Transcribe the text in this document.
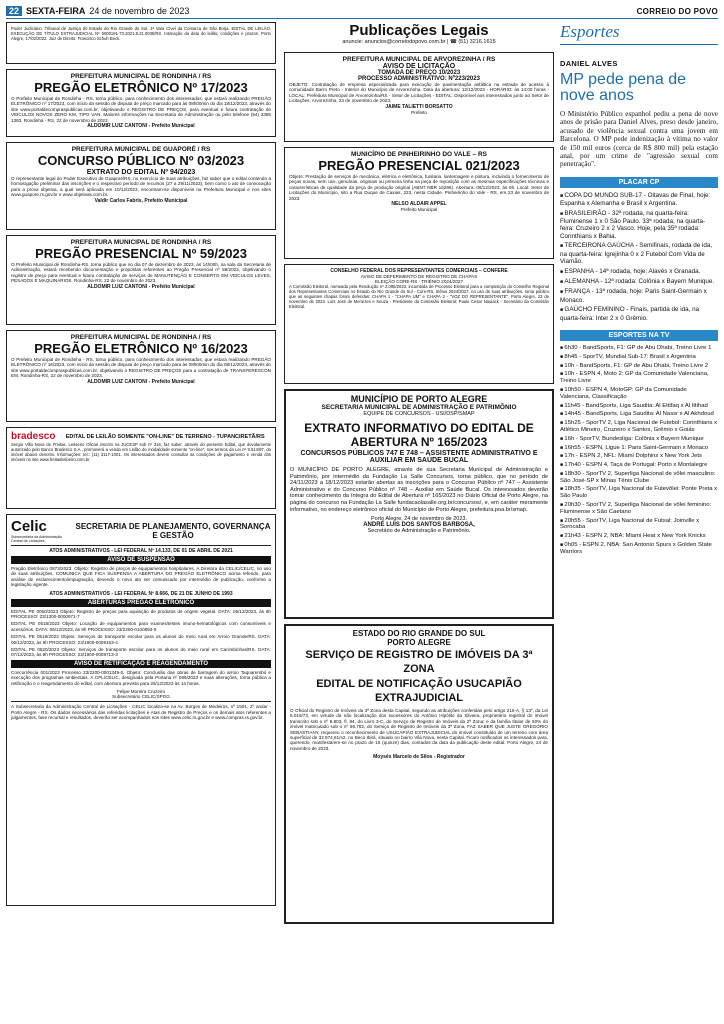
22 SEXTA-FEIRA 24 de novembro de 2023	CORREIO DO POVO
Poder Judiciário. Tribunal de Justiça do Estado do Rio Grande do Sul. 1ª Vara Cível da Comarca de São Borja. EDITAL DE LEILÃO. EXECUÇÃO DE TÍTULO EXTRAJUDICIAL Nº 5000191-73.2021.8.21.0035/RS. Intimação da data do leilão, condições e prazos. Porto Alegre, 17/02/2022. Juiz de Direito: Francisco Schuh Beck.
PREFEITURA MUNICIPAL DE RONDINHA / RS
PREGÃO ELETRÔNICO Nº 17/2023
O Prefeito Municipal de Rondinha - RS, torna público, para conhecimento dos interessados, que estará realizando PREGÃO ELETRÔNICO nº 17/2023, com início da sessão de disputa de preço marcado para às 08h00min do dia 18/12/2023, através do site www.portaldecompraspublicas.com.br, objetivando o REGISTRO DE PREÇOS, para eventual e futura contratação de VEÍCULOS NOVOS ZERO KM, TIPO VAN. Maiores informações na Secretaria de Administração ou pelo telefone (54) 3385 1383. Rondinha - RS, 22 de novembro de 2023.
ALDOMIR LUIZ CANTONI - Prefeito Municipal
PREFEITURA MUNICIPAL DE GUAPORÉ / RS
CONCURSO PÚBLICO Nº 03/2023
EXTRATO DO EDITAL Nº 94/2023
O representante legal do Poder Executivo de Guaporé/RS, no exercício de suas atribuições, faz saber que o edital contendo a homologação preliminar das inscrições e o respectivo período de recursos (27 a 29/11/2023), bem como o ato de convocação para a prova objetiva, a qual será aplicada em 10/12/2023, encontram-se disponíveis na Prefeitura Municipal e nos sites www.guapore.rs.gov.br e www.objetivas.com.br.
Valdir Carlos Fabris, Prefeito Municipal
PREFEITURA MUNICIPAL DE RONDINHA / RS
PREGÃO PRESENCIAL Nº 59/2023
O Prefeito Municipal de Rondinha-RS, torna público que no dia 07 de dezembro de 2023, às 14h00h, na sala da Secretaria de Administração, estará recebendo documentação e propostas referentes ao Pregão Presencial nº 59/2023, objetivando o registro de preço para eventual e futura contratação de serviços de MANUTENÇÃO E CONSERTO EM VEÍCULOS LEVES, PESADOS E MAQUINÁRIOS. Rondinha-RS, 22 de novembro de 2023.
ALDOMIR LUIZ CANTONI - Prefeito Municipal
PREFEITURA MUNICIPAL DE RONDINHA / RS
PREGÃO ELETRÔNICO Nº 16/2023
O Prefeito Municipal de Rondinha - RS, torna público, para conhecimento dos interessados, que estará realizando PREGÃO ELETRÔNICO nº 16/2023, com início da sessão de disputa de preço marcado para às 08h00min do dia 08/12/2023, através do site www.portaldecompraspublicas.com.br, objetivando o REGISTRO DE PREÇOS para a contratação de TRANSFERESCON EM. Rondinha-RS, 22 de novembro de 2023.
ALDOMIR LUIZ CANTONI - Prefeito Municipal
bradesco	EDITAL DE LEILÃO SOMENTE "ON-LINE" DE TERRENO - TUPANCIRETÃ/RS
Sergio Villa Nova de Freitas, Leiloeiro Oficial inscrito na JUCESP sob nº 316, faz saber, através do presente Edital, que devidamente autorizado pelo Banco Bradesco S.A., promoverá a venda em Leilão de modalidade somente "on-line", nos termos da Lei nº 9.514/97, do imóvel abaixo descrito. Informações: tel.: (11) 3117-1001. Os interessados devem consultar as condições de pagamento e venda dos imóveis no site www.freitasleiloeiro.com.br.
Celic
Subsecretaria da Administração Central de Licitações
SECRETARIA DE PLANEJAMENTO, GOVERNANÇA E GESTÃO
ATOS ADMINISTRATIVOS - LEI FEDERAL Nº 14.133, DE 01 DE ABRIL DE 2021
AVISO DE SUSPENSÃO
Pregão Eletrônico 0873/2023. Objeto: Registro de preços de equipamentos hospitalares. A Diretora da CELIC/CELIC, no uso de suas atribuições, COMUNICA QUE FICA SUSPENSA A ABERTURA DO PREGÃO ELETRÔNICO acima referido, para análise de esclarecimento/impugnação, devendo o novo ato ser comunicado por intermédio de publicação, conforme a legislação vigente.
ATOS ADMINISTRATIVOS - LEI FEDERAL Nº 8.666, DE 21 DE JUNHO DE 1993
ABERTURAS PREGÃO ELETRÔNICO
EDITAL PE 0050/2023 Objeto: Registro de preços para aquisição de produtos de origem vegetal. DATA: 05/12/2023, às 9h PROCESSO: 23/1300-0000971-7
EDITAL PE 0518/2023 Objeto: Locação de equipamentos para exames/testes imuno-hematológicos com consumíveis e acessórios. DATA: 06/12/2023, às 9h PROCESSO: 23/2200-0100893-5
EDITAL PE 0519/2023 Objeto: Serviços de transporte escolar para os alunos do meio rural em Arroio Grande/RS. DATA: 06/12/2023, às 9h PROCESSO: 23/1900-0009153-4
EDITAL PE 0520/2023 Objeto: Serviços de transporte escolar para os alunos do meio rural em Cacimbinhas/RS. DATA: 07/12/2023, às 9h PROCESSO: 23/1900-0009713-3
AVISO DE RETIFICAÇÃO E REAGENDAMENTO
Concorrência 001/2023 Processo 23/2200-0001349-0. Objeto: Conclusão das obras de barragem do arroio Taquarembó e execução dos programas ambientais. A CPL/CELIC, designada pela Portaria nº 069/2023 e suas alterações, torna pública a retificação e o reagendamento do edital, com abertura prevista para 26/12/2023 às 14 horas.
Felipe Moreira Cruzeiro
Subsecretário CELIC/SPGG
A Subsecretaria da Administração Central de Licitações - CELIC localiza-se na Av. Borges de Medeiros, nº 1501, 2º andar - Porto Alegre - RS. Os dados necessários das referidas licitações e Atas de Registro de Preços e os demais atos referentes a julgamentos, fase recursal e resultados, deverão ser acompanhados nos sites www.celic.rs.gov.br e www.compras.rs.gov.br.
Publicações Legais
anuncie: anuncios@correiodopovo.com.br | ☎ (51) 3216.1615
PREFEITURA MUNICIPAL DE ARVOREZINHA / RS
AVISO DE LICITAÇÃO
TOMADA DE PREÇO 10/2023
PROCESSO ADMINISTRATIVO: Nº223/2023
OBJETO: Contratação de empresa especializada para execução de pavimentação asfáltica na estrada de acesso à comunidade Barro Preto - Interior do Município de Arvorezinha. Data da abertura: 12/12/2023 - HORÁRIO: às 14:00 horas - LOCAL: Prefeitura Municipal de Arvorezinha/RS - Setor de Licitações - EDITAL: Disponível aos interessados junto ao Setor de Licitações. Arvorezinha, 23 de novembro de 2023.
JAIME TALIETTI BORSATTO
Prefeito
MUNICÍPIO DE PINHEIRINHO DO VALE – RS
PREGÃO PRESENCIAL 021/2023
Objeto: Prestação de serviços de mecânica, elétrica e eletrônica, funilaria, lanternagem e pintura, incluindo o fornecimento de peças novas, sem uso, genuínas, originais ou primeira linha na peça de reposição com as mesmas especificações técnicas e características de qualidade da peça de produção original (ABNT NBR 15296). Abertura: 06/12/2023, às 9h. Local: Setor de Licitações do Município, sito a Rua Duque de Caxias, 223, nesta Cidade. Pinheirinho do Vale - RS, em 23 de novembro de 2023.
NELSO ALDAIR APPEL
Prefeito Municipal
CONSELHO FEDERAL DOS REPRESENTANTES COMERCIAIS – CONFERE
AVISO DE DEFERIMENTO DE REGISTRO DE CHAPAS
ELEIÇÃO CORE-RS - TRIÊNIO 2024/2027
A Comissão Eleitoral, nomeada pela Resolução nº 2.096/2023, incumbida de Processo Eleitoral para a composição do Conselho Regional dos Representantes Comerciais no Estado do Rio Grande do Sul - Core-RS, triênio 2024/2027, no uso de suas atribuições, torna público que as seguintes chapas foram deferidas: CHAPA 1 - "CHAPA UM" e CHAPA 2 - "VOZ DO REPRESENTANTE". Porto Alegre, 23 de novembro de 2023. Luís José de Menezes e Souza - Presidente da Comissão Eleitoral; Paulo Cesar Nauiack - Secretário da Comissão Eleitoral.
MUNICÍPIO DE PORTO ALEGRE
SECRETARIA MUNICIPAL DE ADMINISTRAÇÃO E PATRIMÔNIO
EQUIPE DE CONCURSOS - USI/DSP/SMAP
EXTRATO INFORMATIVO DO EDITAL DE ABERTURA Nº 165/2023
CONCURSOS PÚBLICOS 747 E 748 – ASSISTENTE ADMINISTRATIVO E AUXILIAR EM SAÚDE BUCAL
O MUNICÍPIO DE PORTO ALEGRE, através de sua Secretaria Municipal de Administração e Patrimônio, por intermédio da Fundação La Salle Concursos, torna público, que no período de 24/11/2023 a 18/12/2023 estarão abertas as inscrições para o Concurso Público nº 747 – Assistente Administrativo e do Concurso Público nº 748 – Auxiliar em Saúde Bucal. Os interessados deverão tomar conhecimento da íntegra do Edital de Abertura nº 165/2023 no Diário Oficial de Porto Alegre, na página do concurso na Fundação La Salle fundacaolasalle.org.br/concursos/, e, em caráter meramente informativo, no endereço eletrônico oficial do Município de Porto Alegre, prefeitura.poa.br/smap.
Porto Alegre, 24 de novembro de 2023.
ANDRÉ LUIS DOS SANTOS BARBOSA,
Secretário de Administração e Patrimônio.
ESTADO DO RIO GRANDE DO SUL
PORTO ALEGRE
SERVIÇO DE REGISTRO DE IMÓVEIS DA 3ª ZONA
EDITAL DE NOTIFICAÇÃO USUCAPIÃO EXTRAJUDICIAL
O Oficial do Registro de Imóveis da 3ª Zona desta Capital, segundo as atribuições conferidas pelo artigo 216-A, § 13º, da Lei 6.015/73, em virtude da não localização dos sucessores do Antônio Hipólito da Silveira, proprietário registral do imóvel transcrito sob o nº 8.803, fl. 84, do Livro 3-C, do Serviço de Registro de Imóveis da 2ª Zona; e da família titular de 50% do imóvel matriculado sob o nº 56.782, do Serviço de Registro de Imóveis da 3ª Zona, FAZ SABER QUE JUSTE GREGÓRIO SEBASTIANY, requereu o reconhecimento de USUCAPIÃO EXTRAJUDICIAL do imóvel constituído de um terreno com área superficial de 32.974,61m2, no Beco Ibirá, situado no bairro Vila Nova, nesta Capital. Ficam notificados os interessados para, querendo, manifestarem-se no prazo de 15 (quinze) dias, contados da data da publicação deste edital. Porto Alegre, 24 de novembro de 2023.
Moysés Marcelo de Silos - Registrador
Esportes
DANIEL ALVES
MP pede pena de nove anos
O Ministério Público espanhol pediu a pena de nove anos de prisão para Daniel Alves, preso desde janeiro, acusado de violência sexual contra uma jovem em Barcelona. O MP pede indenização à vítima no valor de 150 mil euros (cerca de R$ 800 mil) pela estação anal, por um crime de "agressão sexual com penetração".
PLACAR CP
■ COPA DO MUNDO SUB-17 - Oitavas de Final, hoje: Espanha x Alemanha e Brasil x Argentina.
■ BRASILEIRÃO - 32ª rodada, na quarta-feira: Fluminense 1 x 0 São Paulo. 33ª rodada, na quarta-feira: Cruzeiro 2 x 2 Vasco. Hoje, pela 35ª rodada: Corinthians x Bahia.
■ TERCEIRONA GAÚCHA - Semifinais, rodada de ida, na quarta-feira: Igrejinha 0 x 2 Futebol Com Vida de Viamão.
■ ESPANHA - 14ª rodada, hoje: Alavés x Granada.
■ ALEMANHA - 12ª rodada: Colônia x Bayern Munique.
■ FRANÇA - 13ª rodada, hoje: Paris Saint-Germain x Monaco.
■ GAÚCHO FEMININO - Finais, partida de ida, na quarta-feira: Inter 2 x 0 Grêmio.
ESPORTES NA TV
■ 6h30 - BandSports, F1: GP de Abu Dhabi, Treino Livre 1
■ 8h45 - SporTV, Mundial Sub-17: Brasil x Argentina
■ 10h - BandSports, F1: GP de Abu Dhabi, Treino Livre 2
■ 10h - ESPN 4, Moto 2: GP da Comunidade Valenciana, Treino Livre
■ 10h50 - ESPN 4, MotoGP: GP da Comunidade Valenciana, Classificação
■ 11h45 - BandSports, Liga Saudita: Al Ettifaq x Al Ittihad
■ 14h45 - BandSports, Liga Saudita: Al Nassr x Al Akhdoud
■ 15h25 - SporTV 2, Liga Nacional de Futebol: Corinthians x Atlético Mineiro, Cruzeiro x Santos, Grêmio x Goiás
■ 16h - SporTV, Bundesliga: Colônia x Bayern Munique
■ 16h55 - ESPN, Ligue 1: Paris Saint-Germain x Monaco
■ 17h - ESPN 2, NFL: Miami Dolphins x New York Jets
■ 17h40 - ESPN 4, Taça de Portugal: Porto x Montalegre
■ 18h30 - SporTV 2, Superliga Nacional de vôlei masculino: São José-SP x Minas Tênis Clube
■ 18h35 - SporTV, Liga Nacional de Futevôlei: Ponte Preta x São Paulo
■ 20h30 - SporTV 2, Superliga Nacional de vôlei feminino: Fluminense x São Caetano
■ 20h55 - SporTV, Liga Nacional de Futsal: Joinville x Sorocaba
■ 21h43 - ESPN 2, NBA: Miami Heat x New York Knicks
■ 0h05 - ESPN 2, NBA: San Antonio Spurs x Golden State Warriors
